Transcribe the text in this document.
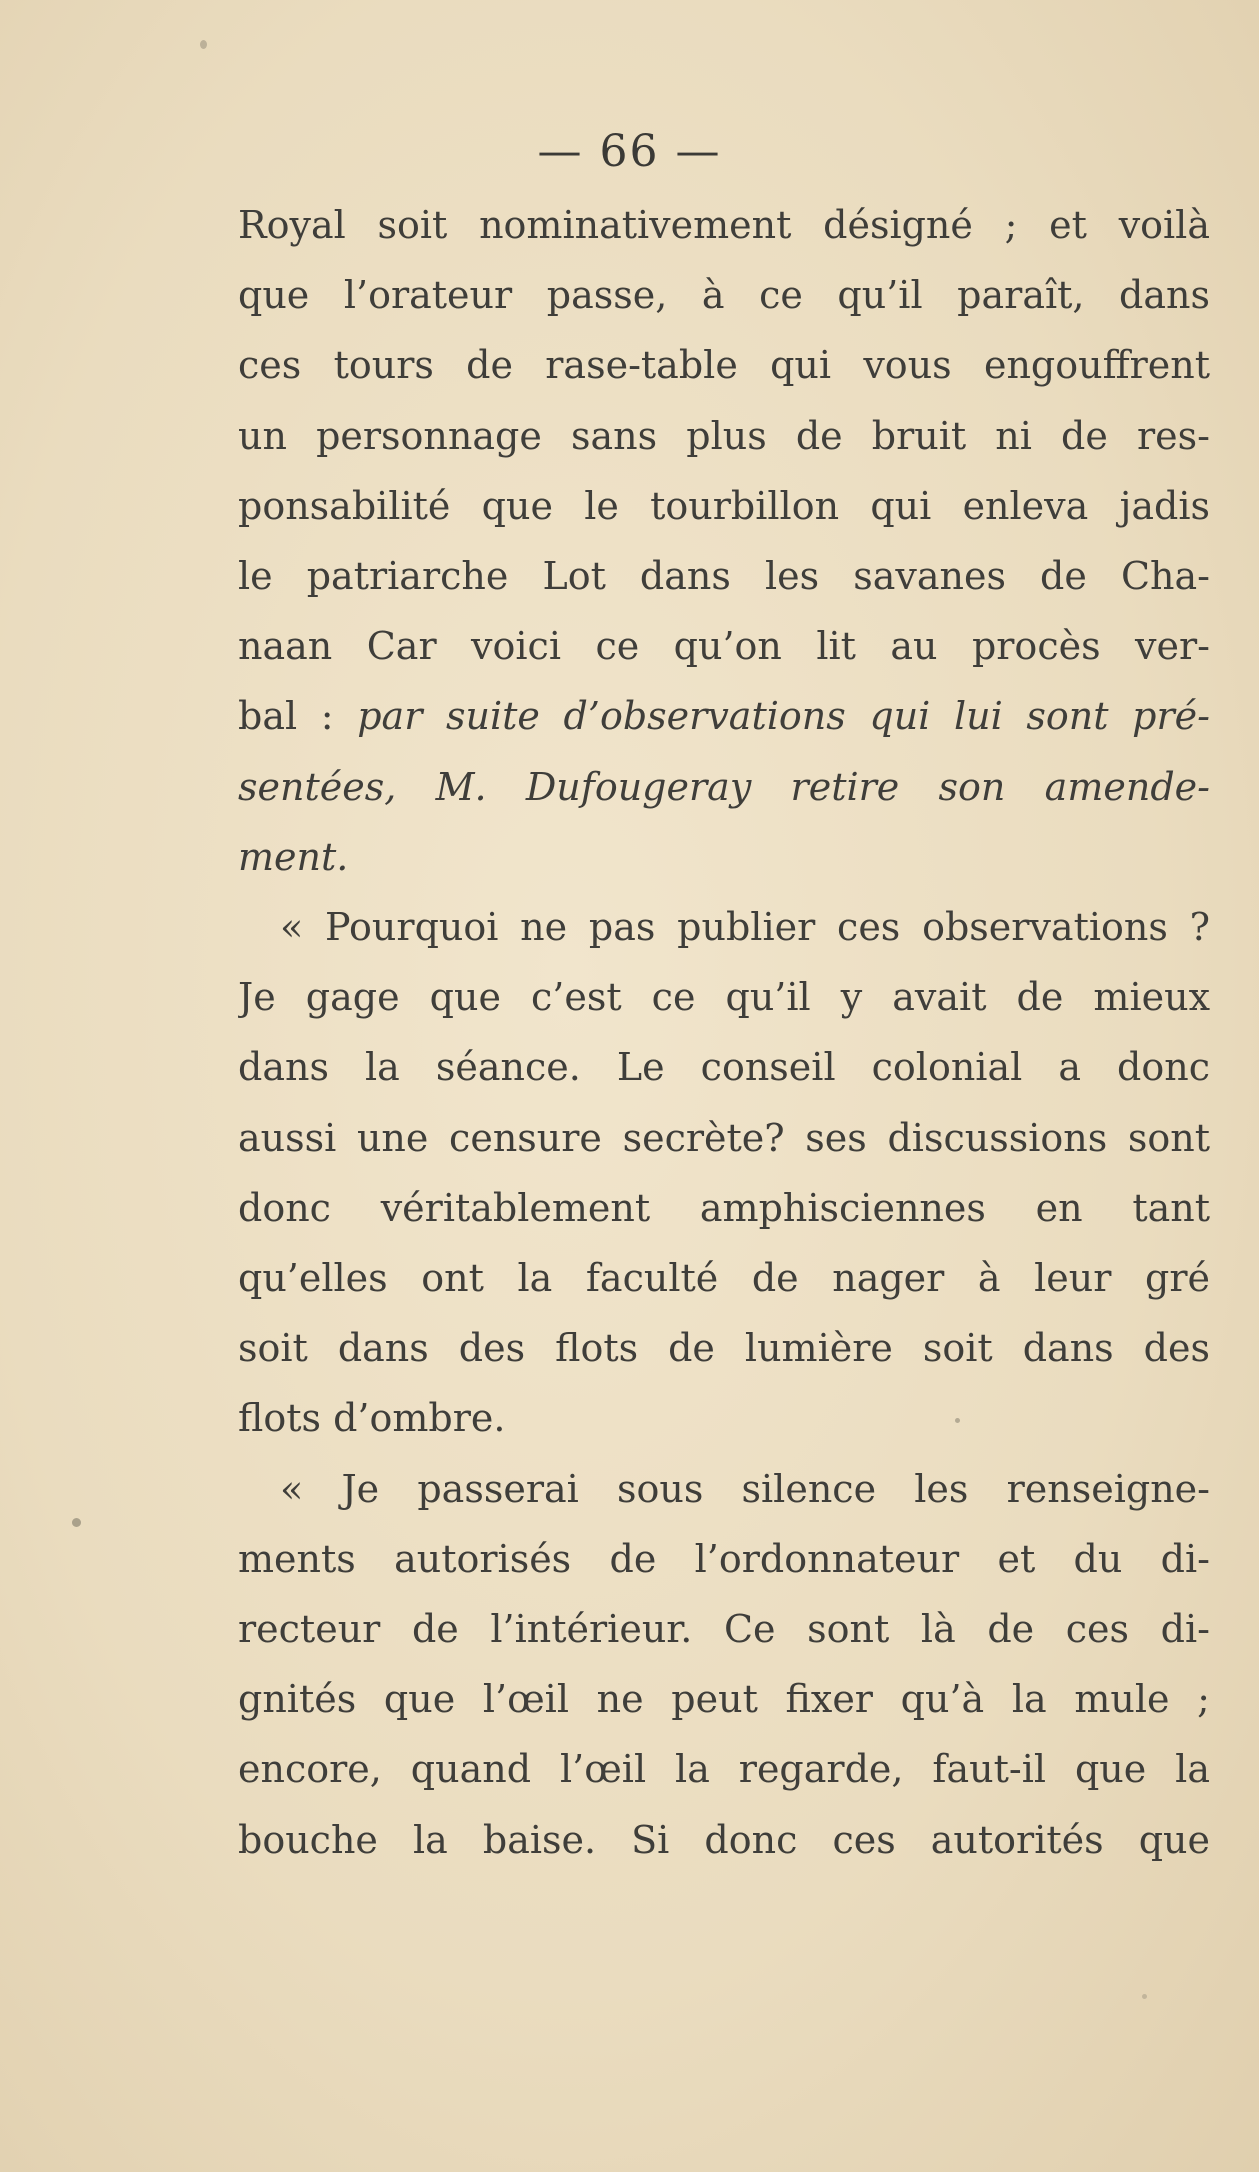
— 66 —
Royal soit nominativement désigné ; et voilà
que l’orateur passe, à ce qu’il paraît, dans
ces tours de rase-table qui vous engouffrent
un personnage sans plus de bruit ni de res-
ponsabilité que le tourbillon qui enleva jadis
le patriarche Lot dans les savanes de Cha-
naan Car voici ce qu’on lit au procès ver-
bal : par suite d’observations qui lui sont pré-
sentées, M. Dufougeray retire son amende-
ment.
« Pourquoi ne pas publier ces observations ?
Je gage que c’est ce qu’il y avait de mieux
dans la séance. Le conseil colonial a donc
aussi une censure secrète? ses discussions sont
donc véritablement amphisciennes en tant
qu’elles ont la faculté de nager à leur gré
soit dans des flots de lumière soit dans des
flots d’ombre.
« Je passerai sous silence les renseigne-
ments autorisés de l’ordonnateur et du di-
recteur de l’intérieur. Ce sont là de ces di-
gnités que l’œil ne peut fixer qu’à la mule ;
encore, quand l’œil la regarde, faut-il que la
bouche la baise. Si donc ces autorités que
